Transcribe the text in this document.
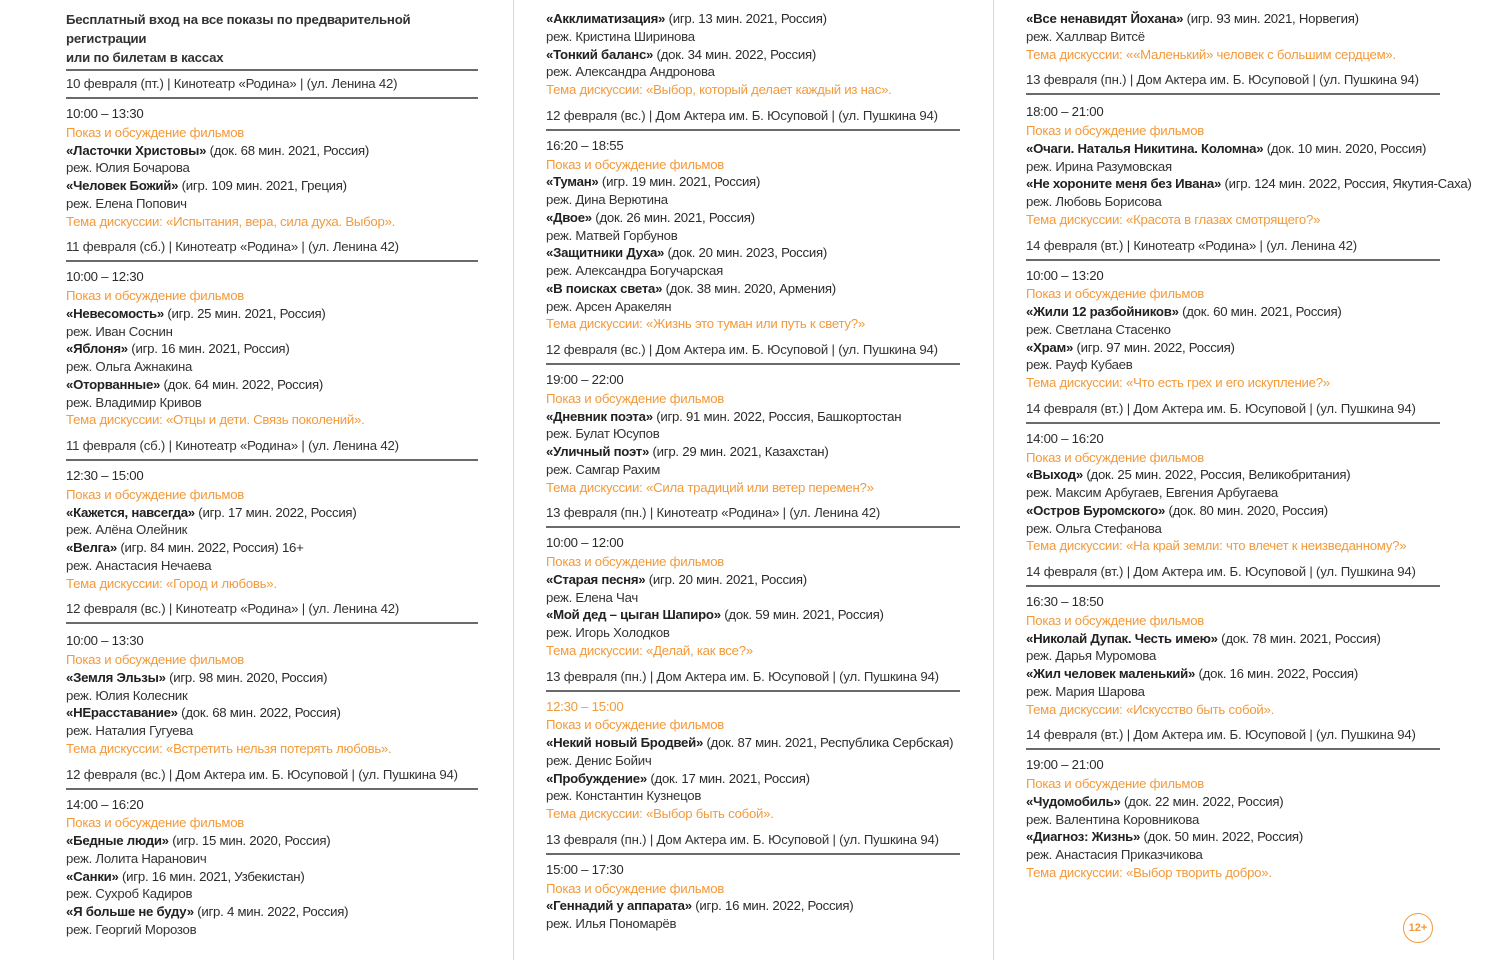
Бесплатный вход на все показы по предварительной регистрации
или по билетам в кассах
10 февраля (пт.) | Кинотеатр «Родина» | (ул. Ленина 42)
10:00 – 13:30
Показ и обсуждение фильмов
«Ласточки Христовы» (док. 68 мин. 2021, Россия)
реж. Юлия Бочарова
«Человек Божий» (игр. 109 мин. 2021, Греция)
реж. Елена Попович
Тема дискуссии: «Испытания, вера, сила духа. Выбор».
11 февраля (сб.) | Кинотеатр «Родина» | (ул. Ленина 42)
10:00 – 12:30
Показ и обсуждение фильмов
«Невесомость» (игр. 25 мин. 2021, Россия)
реж. Иван Соснин
«Яблоня» (игр. 16 мин. 2021, Россия)
реж. Ольга Ажнакина
«Оторванные» (док. 64 мин. 2022, Россия)
реж. Владимир Кривов
Тема дискуссии: «Отцы и дети. Связь поколений».
11 февраля (сб.) | Кинотеатр «Родина» | (ул. Ленина 42)
12:30 – 15:00
Показ и обсуждение фильмов
«Кажется, навсегда» (игр. 17 мин. 2022, Россия)
реж. Алёна Олейник
«Велга» (игр. 84 мин. 2022, Россия) 16+
реж. Анастасия Нечаева
Тема дискуссии: «Город и любовь».
12 февраля (вс.) | Кинотеатр «Родина» | (ул. Ленина 42)
10:00 – 13:30
Показ и обсуждение фильмов
«Земля Эльзы» (игр. 98 мин. 2020, Россия)
реж. Юлия Колесник
«НЕрасставание» (док. 68 мин. 2022, Россия)
реж. Наталия Гугуева
Тема дискуссии: «Встретить нельзя потерять любовь».
12 февраля (вс.) | Дом Актера им. Б. Юсуповой | (ул. Пушкина 94)
14:00 – 16:20
Показ и обсуждение фильмов
«Бедные люди» (игр. 15 мин. 2020, Россия)
реж. Лолита Наранович
«Санки» (игр. 16 мин. 2021, Узбекистан)
реж. Сухроб Кадиров
«Я больше не буду» (игр. 4 мин. 2022, Россия)
реж. Георгий Морозов
«Акклиматизация» (игр. 13 мин. 2021, Россия)
реж. Кристина Ширинова
«Тонкий баланс» (док. 34 мин. 2022, Россия)
реж. Александра Андронова
Тема дискуссии: «Выбор, который делает каждый из нас».
12 февраля (вс.) | Дом Актера им. Б. Юсуповой | (ул. Пушкина 94)
16:20 – 18:55
Показ и обсуждение фильмов
«Туман» (игр. 19 мин. 2021, Россия)
реж. Дина Верютина
«Двое» (док. 26 мин. 2021, Россия)
реж. Матвей Горбунов
«Защитники Духа» (док. 20 мин. 2023, Россия)
реж. Александра Богучарская
«В поисках света» (док. 38 мин. 2020, Армения)
реж. Арсен Аракелян
Тема дискуссии: «Жизнь это туман или путь к свету?»
12 февраля (вс.) | Дом Актера им. Б. Юсуповой | (ул. Пушкина 94)
19:00 – 22:00
Показ и обсуждение фильмов
«Дневник поэта» (игр. 91 мин. 2022, Россия, Башкортостан
реж. Булат Юсупов
«Уличный поэт» (игр. 29 мин. 2021, Казахстан)
реж. Самгар Рахим
Тема дискуссии: «Сила традиций или ветер перемен?»
13 февраля (пн.) | Кинотеатр «Родина» | (ул. Ленина 42)
10:00 – 12:00
Показ и обсуждение фильмов
«Старая песня» (игр. 20 мин. 2021, Россия)
реж. Елена Чач
«Мой дед – цыган Шапиро» (док. 59 мин. 2021, Россия)
реж. Игорь Холодков
Тема дискуссии: «Делай, как все?»
13 февраля (пн.) | Дом Актера им. Б. Юсуповой | (ул. Пушкина 94)
12:30 – 15:00
Показ и обсуждение фильмов
«Некий новый Бродвей» (док. 87 мин. 2021, Республика Сербская)
реж. Денис Бойич
«Пробуждение» (док. 17 мин. 2021, Россия)
реж. Константин Кузнецов
Тема дискуссии: «Выбор быть собой».
13 февраля (пн.) | Дом Актера им. Б. Юсуповой | (ул. Пушкина 94)
15:00 – 17:30
Показ и обсуждение фильмов
«Геннадий у аппарата» (игр. 16 мин. 2022, Россия)
реж. Илья Пономарёв
«Все ненавидят Йохана» (игр. 93 мин. 2021, Норвегия)
реж. Халлвар Витсё
Тема дискуссии: ««Маленький» человек с большим сердцем».
13 февраля (пн.) | Дом Актера им. Б. Юсуповой | (ул. Пушкина 94)
18:00 – 21:00
Показ и обсуждение фильмов
«Очаги. Наталья Никитина. Коломна» (док. 10 мин. 2020, Россия)
реж. Ирина Разумовская
«Не хороните меня без Ивана» (игр. 124 мин. 2022, Россия, Якутия-Саха)
реж. Любовь Борисова
Тема дискуссии: «Красота в глазах смотрящего?»
14 февраля (вт.) | Кинотеатр «Родина» | (ул. Ленина 42)
10:00 – 13:20
Показ и обсуждение фильмов
«Жили 12 разбойников» (док. 60 мин. 2021, Россия)
реж. Светлана Стасенко
«Храм» (игр. 97 мин. 2022, Россия)
реж. Рауф Кубаев
Тема дискуссии: «Что есть грех и его искупление?»
14 февраля (вт.) | Дом Актера им. Б. Юсуповой | (ул. Пушкина 94)
14:00 – 16:20
Показ и обсуждение фильмов
«Выход» (док. 25 мин. 2022, Россия, Великобритания)
реж. Максим Арбугаев, Евгения Арбугаева
«Остров Буромского» (док. 80 мин. 2020, Россия)
реж. Ольга Стефанова
Тема дискуссии: «На край земли: что влечет к неизведанному?»
14 февраля (вт.) | Дом Актера им. Б. Юсуповой | (ул. Пушкина 94)
16:30 – 18:50
Показ и обсуждение фильмов
«Николай Дупак. Честь имею» (док. 78 мин. 2021, Россия)
реж. Дарья Муромова
«Жил человек маленький» (док. 16 мин. 2022, Россия)
реж. Мария Шарова
Тема дискуссии: «Искусство быть собой».
14 февраля (вт.) | Дом Актера им. Б. Юсуповой | (ул. Пушкина 94)
19:00 – 21:00
Показ и обсуждение фильмов
«Чудомобиль» (док. 22 мин. 2022, Россия)
реж. Валентина Коровникова
«Диагноз: Жизнь» (док. 50 мин. 2022, Россия)
реж. Анастасия Приказчикова
Тема дискуссии: «Выбор творить добро».
12+
